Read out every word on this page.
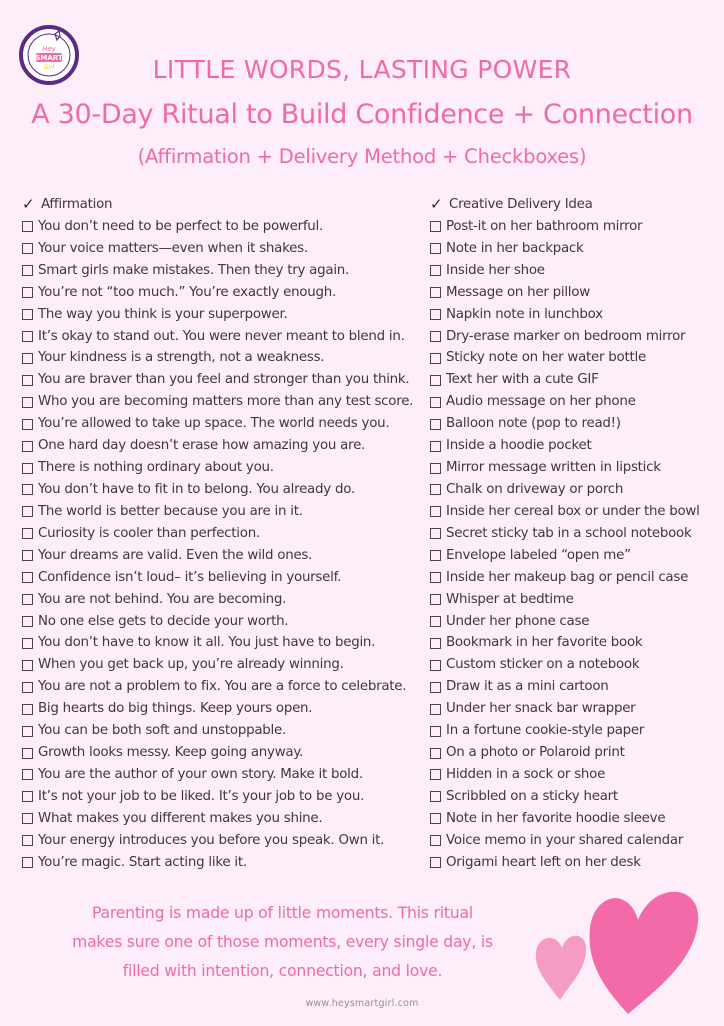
Hey
SMART
Girl	LITTLE WORDS, LASTING POWER
A 30-Day Ritual to Build Confidence + Connection
(Affirmation + Delivery Method + Checkboxes)
✓ Affirmation
You don’t need to be perfect to be powerful.
Your voice matters—even when it shakes.
Smart girls make mistakes. Then they try again.
You’re not “too much.” You’re exactly enough.
The way you think is your superpower.
It’s okay to stand out. You were never meant to blend in.
Your kindness is a strength, not a weakness.
You are braver than you feel and stronger than you think.
Who you are becoming matters more than any test score.
You’re allowed to take up space. The world needs you.
One hard day doesn’t erase how amazing you are.
There is nothing ordinary about you.
You don’t have to fit in to belong. You already do.
The world is better because you are in it.
Curiosity is cooler than perfection.
Your dreams are valid. Even the wild ones.
Confidence isn’t loud– it’s believing in yourself.
You are not behind. You are becoming.
No one else gets to decide your worth.
You don’t have to know it all. You just have to begin.
When you get back up, you’re already winning.
You are not a problem to fix. You are a force to celebrate.
Big hearts do big things. Keep yours open.
You can be both soft and unstoppable.
Growth looks messy. Keep going anyway.
You are the author of your own story. Make it bold.
It’s not your job to be liked. It’s your job to be you.
What makes you different makes you shine.
Your energy introduces you before you speak. Own it.
You’re magic. Start acting like it.
✓ Creative Delivery Idea
Post-it on her bathroom mirror
Note in her backpack
Inside her shoe
Message on her pillow
Napkin note in lunchbox
Dry-erase marker on bedroom mirror
Sticky note on her water bottle
Text her with a cute GIF
Audio message on her phone
Balloon note (pop to read!)
Inside a hoodie pocket
Mirror message written in lipstick
Chalk on driveway or porch
Inside her cereal box or under the bowl
Secret sticky tab in a school notebook
Envelope labeled “open me”
Inside her makeup bag or pencil case
Whisper at bedtime
Under her phone case
Bookmark in her favorite book
Custom sticker on a notebook
Draw it as a mini cartoon
Under her snack bar wrapper
In a fortune cookie-style paper
On a photo or Polaroid print
Hidden in a sock or shoe
Scribbled on a sticky heart
Note in her favorite hoodie sleeve
Voice memo in your shared calendar
Origami heart left on her desk

Parenting is made up of little moments. This ritual
makes sure one of those moments, every single day, is
filled with intention, connection, and love.

www.heysmartgirl.com
